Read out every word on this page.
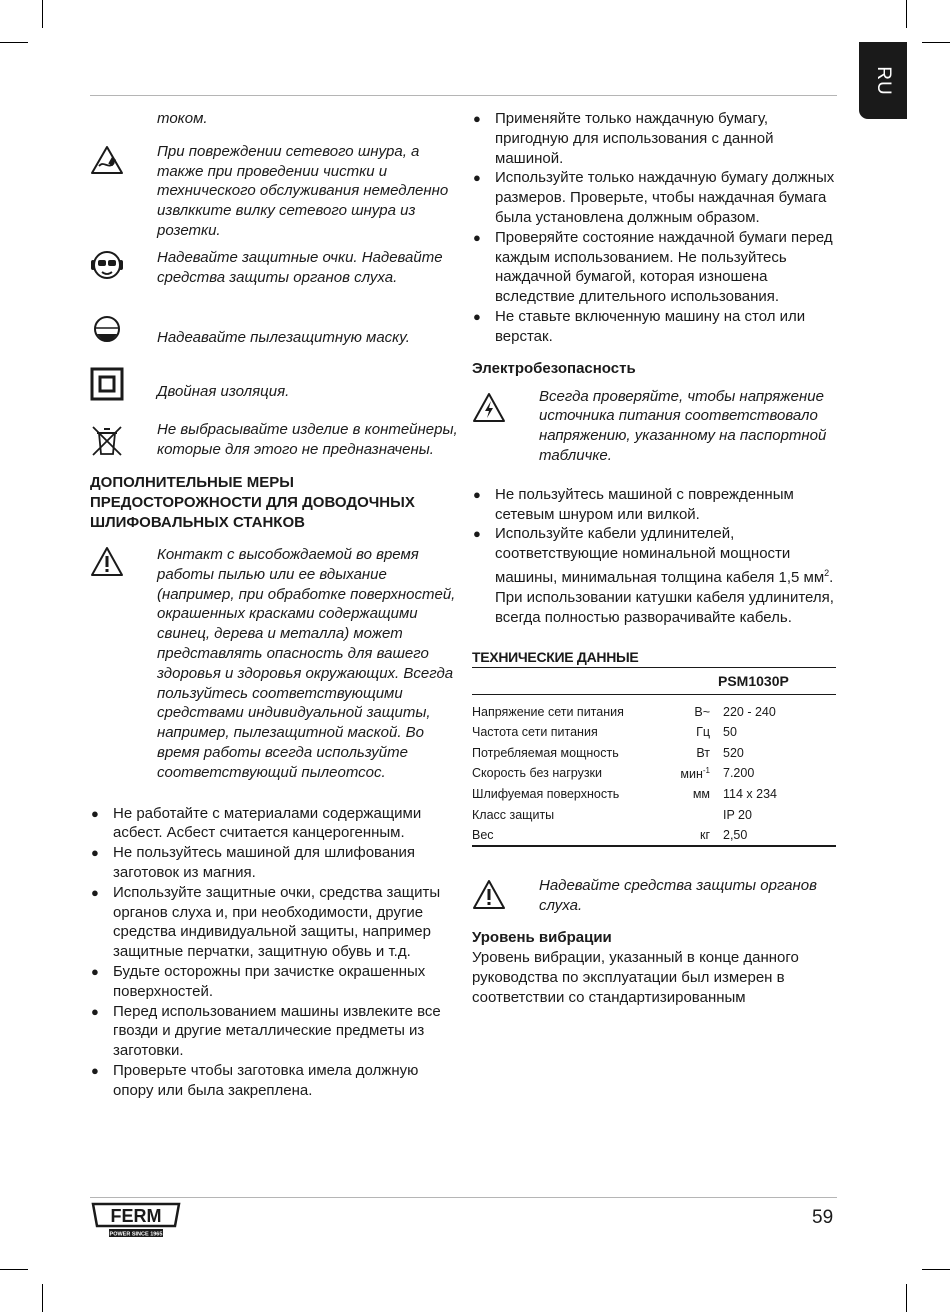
RU
током.
При повреждении сетевого шнура, а также при проведении чистки и технического обслуживания немедленно извлкките вилку сетевого шнура из розетки.
Надевайте защитные очки. Надевайте средства защиты органов слуха.
Надеавайте пылезащитную маску.
Двойная изоляция.
Не выбрасывайте изделие в контейнеры, которые для этого не предназначены.
ДОПОЛНИТЕЛЬНЫЕ МЕРЫ ПРЕДОСТОРОЖНОСТИ ДЛЯ ДОВОДОЧНЫХ ШЛИФОВАЛЬНЫХ СТАНКОВ
Контакт с высобождаемой во время работы пылью или ее вдыхание (например, при обработке поверхностей, окрашенных красками содержащими свинец, дерева и металла) может представлять опасность для вашего здоровья и здоровья окружающих. Всегда пользуйтесь соответствующими средствами индивидуальной защиты, например, пылезащитной маской. Во время работы всегда используйте соответствующий пылеотсос.
● Не работайте с материалами содержащими асбест. Асбест считается канцерогенным.
● Не пользуйтесь машиной для шлифования заготовок из магния.
● Используйте защитные очки, средства защиты органов слуха и, при необходимости, другие средства индивидуальной защиты, например защитные перчатки, защитную обувь и т.д.
● Будьте осторожны при зачистке окрашенных поверхностей.
● Перед использованием машины извлеките все гвозди и другие металлические предметы из заготовки.
● Проверьте чтобы заготовка имела должную опору или была закреплена.
● Применяйте только наждачную бумагу, пригодную для использования с данной машиной.
● Используйте только наждачную бумагу должных размеров. Проверьте, чтобы наждачная бумага была установлена должным образом.
● Проверяйте состояние наждачной бумаги перед каждым использованием. Не пользуйтесь наждачной бумагой, которая изношена вследствие длительного использования.
● Не ставьте включенную машину на стол или верстак.
Электробезопасность
Всегда проверяйте, чтобы напряжение источника питания соответствовало напряжению, указанному на паспортной табличке.
● Не пользуйтесь машиной с поврежденным сетевым шнуром или вилкой.
● Используйте кабели удлинителей, соответствующие номинальной мощности машины, минимальная толщина кабеля 1,5 $мм^2$. При использовании катушки кабеля удлинителя, всегда полностью разворачивайте кабель.
ТЕХНИЧЕСКИЕ ДАННЫЕ
		PSM1030P
Напряжение сети питания	В~	220 - 240
Частота сети питания	Гц	50
Потребляемая мощность	Вт	520
Скорость без нагрузки	мин$^{-1}$	7.200
Шлифуемая поверхность	мм	114 x 234
Класс защиты		IP 20
Вес	кг	2,50
Надевайте средства защиты органов слуха.
Уровень вибрации
Уровень вибрации, указанный в конце данного руководства по эксплуатации был измерен в соответствии со стандартизированным
FERM
POWER SINCE 1965
59
